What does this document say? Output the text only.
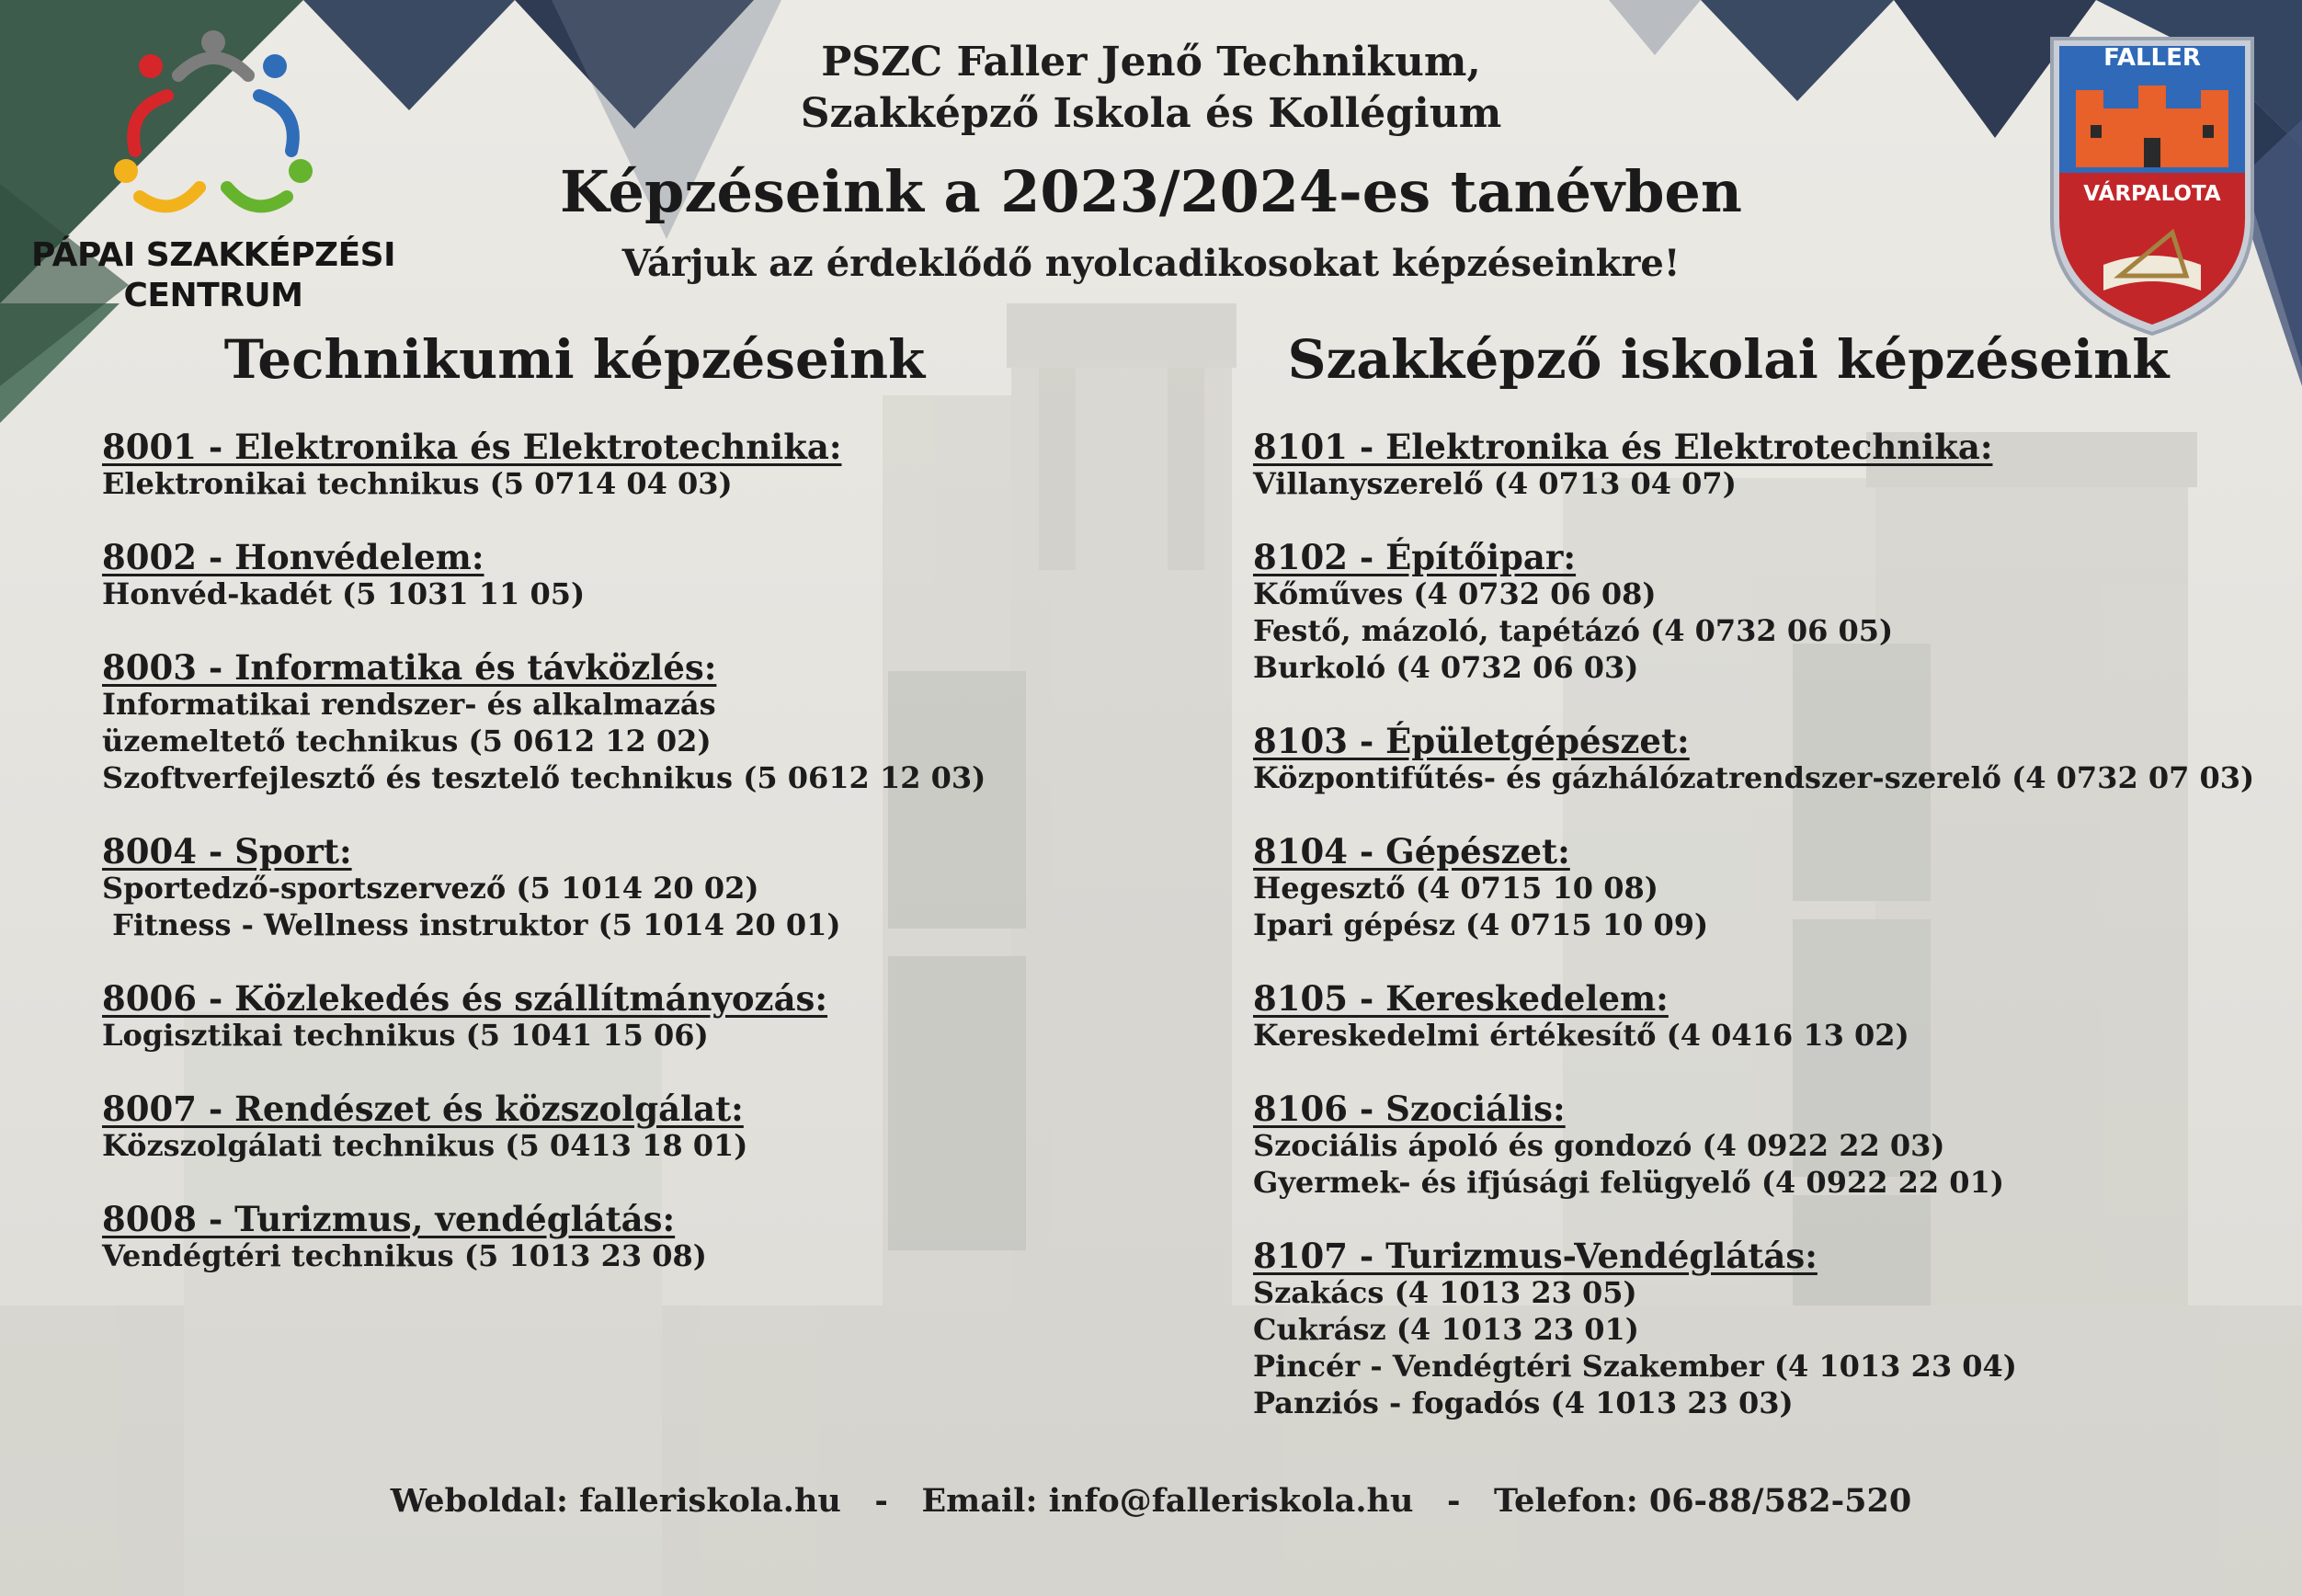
PÁPAI SZAKKÉPZÉSI
CENTRUM
FALLER
VÁRPALOTA
PSZC Faller Jenő Technikum,
Szakképző Iskola és Kollégium
Képzéseink a 2023/2024-es tanévben
Várjuk az érdeklődő nyolcadikosokat képzéseinkre!
Technikumi képzéseink	Szakképző iskolai képzéseink
8001 - Elektronika és Elektrotechnika:
Elektronikai technikus (5 0714 04 03)
8002 - Honvédelem:
Honvéd-kadét (5 1031 11 05)
8003 - Informatika és távközlés:
Informatikai rendszer- és alkalmazás
üzemeltető technikus (5 0612 12 02)
Szoftverfejlesztő és tesztelő technikus (5 0612 12 03)
8004 - Sport:
Sportedző-sportszervező (5 1014 20 02)
Fitness - Wellness instruktor (5 1014 20 01)
8006 - Közlekedés és szállítmányozás:
Logisztikai technikus (5 1041 15 06)
8007 - Rendészet és közszolgálat:
Közszolgálati technikus (5 0413 18 01)
8008 - Turizmus, vendéglátás:
Vendégtéri technikus (5 1013 23 08)
8101 - Elektronika és Elektrotechnika:
Villanyszerelő (4 0713 04 07)
8102 - Építőipar:
Kőműves (4 0732 06 08)
Festő, mázoló, tapétázó (4 0732 06 05)
Burkoló (4 0732 06 03)
8103 - Épületgépészet:
Központifűtés- és gázhálózatrendszer-szerelő (4 0732 07 03)
8104 - Gépészet:
Hegesztő (4 0715 10 08)
Ipari gépész (4 0715 10 09)
8105 - Kereskedelem:
Kereskedelmi értékesítő (4 0416 13 02)
8106 - Szociális:
Szociális ápoló és gondozó (4 0922 22 03)
Gyermek- és ifjúsági felügyelő (4 0922 22 01)
8107 - Turizmus-Vendéglátás:
Szakács (4 1013 23 05)
Cukrász (4 1013 23 01)
Pincér - Vendégtéri Szakember (4 1013 23 04)
Panziós - fogadós (4 1013 23 03)
Weboldal: falleriskola.hu   -   Email: info@falleriskola.hu   -   Telefon: 06-88/582-520
